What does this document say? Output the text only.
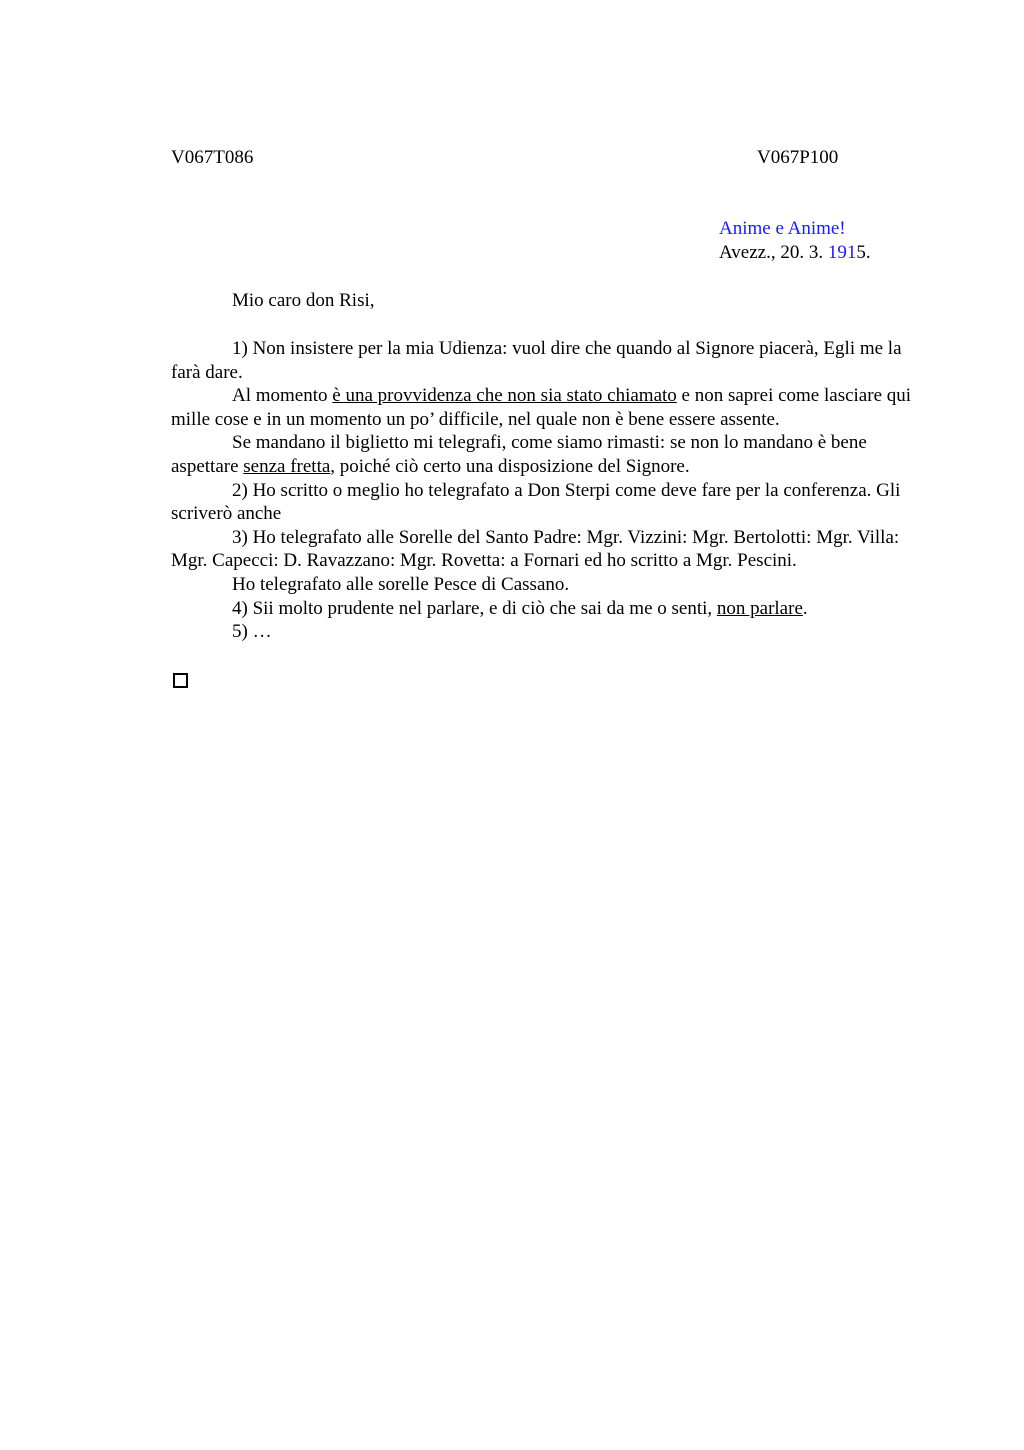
V067T086	V067P100
Anime e Anime!
Avezz., 20. 3. 1915.
Mio caro don Risi,

1) Non insistere per la mia Udienza: vuol dire che quando al Signore piacerà, Egli me la farà dare.

Al momento è una provvidenza che non sia stato chiamato e non saprei come lasciare qui mille cose e in un momento un po’ difficile, nel quale non è bene essere assente.

Se mandano il biglietto mi telegrafi, come siamo rimasti: se non lo mandano è bene aspettare senza fretta, poiché ciò certo una disposizione del Signore.

2) Ho scritto o meglio ho telegrafato a Don Sterpi come deve fare per la conferenza. Gli scriverò anche

3) Ho telegrafato alle Sorelle del Santo Padre: Mgr. Vizzini: Mgr. Bertolotti: Mgr. Villa: Mgr. Capecci: D. Ravazzano: Mgr. Rovetta: a Fornari ed ho scritto a Mgr. Pescini.

Ho telegrafato alle sorelle Pesce di Cassano.

4) Sii molto prudente nel parlare, e di ciò che sai da me o senti, non parlare.

5) …
